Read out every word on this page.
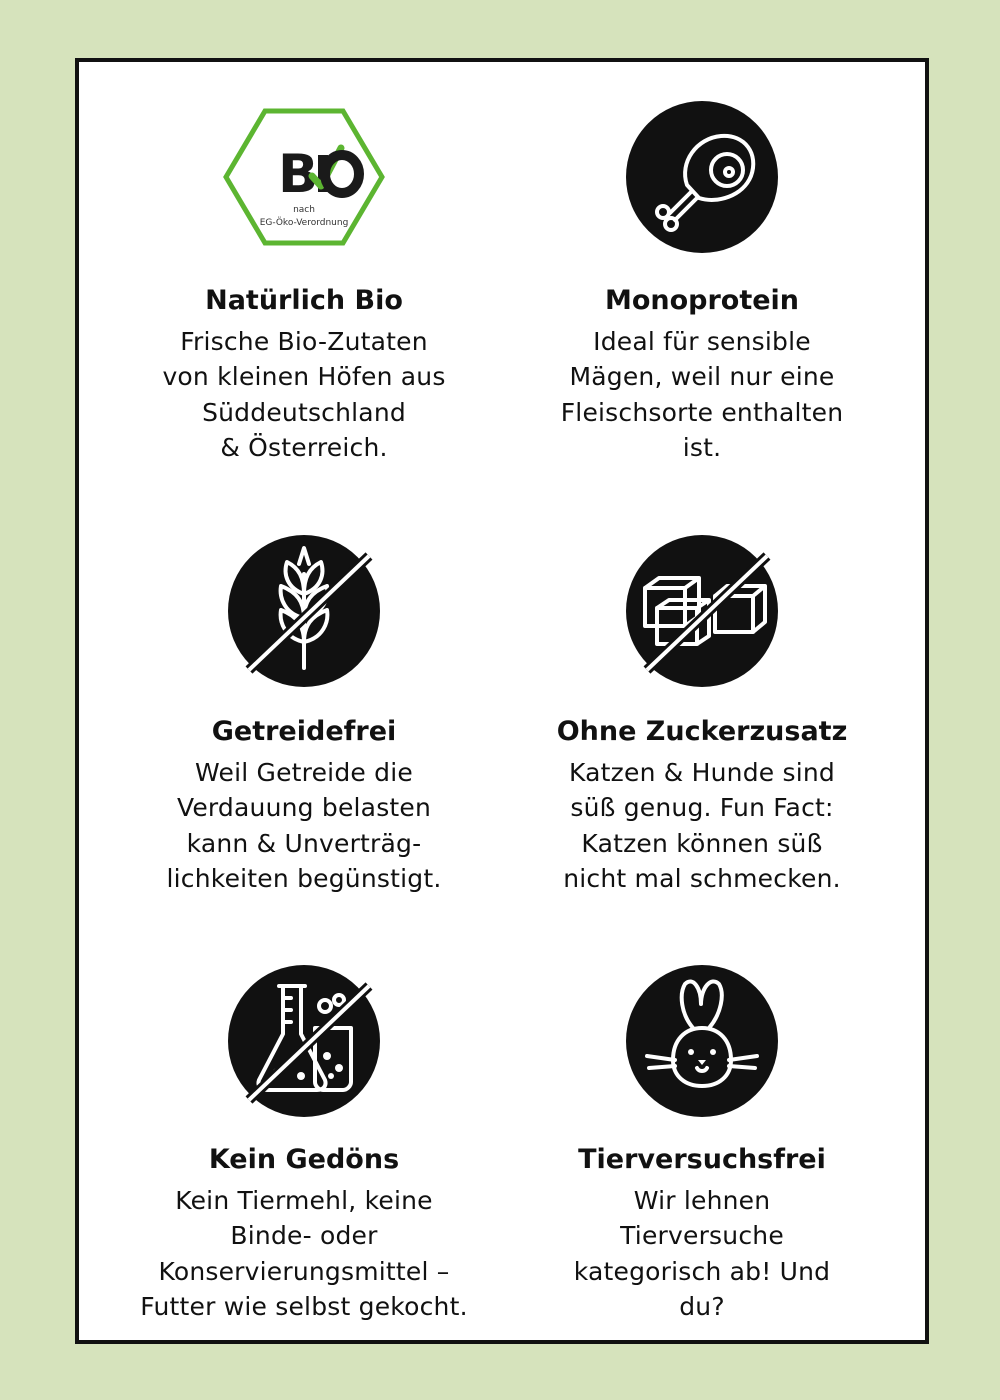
B
nach
EG-Öko-Verordnung
Natürlich Bio
Frische Bio-Zutaten
von kleinen Höfen aus
Süddeutschland
& Österreich.
Monoprotein
Ideal für sensible
Mägen, weil nur eine
Fleischsorte enthalten
ist.
Getreidefrei
Weil Getreide die
Verdauung belasten
kann & Unverträg-
lichkeiten begünstigt.
Ohne Zuckerzusatz
Katzen & Hunde sind
süß genug. Fun Fact:
Katzen können süß
nicht mal schmecken.
Kein Gedöns
Kein Tiermehl, keine
Binde- oder
Konservierungsmittel –
Futter wie selbst gekocht.
Tierversuchsfrei
Wir lehnen
Tierversuche
kategorisch ab! Und
du?
